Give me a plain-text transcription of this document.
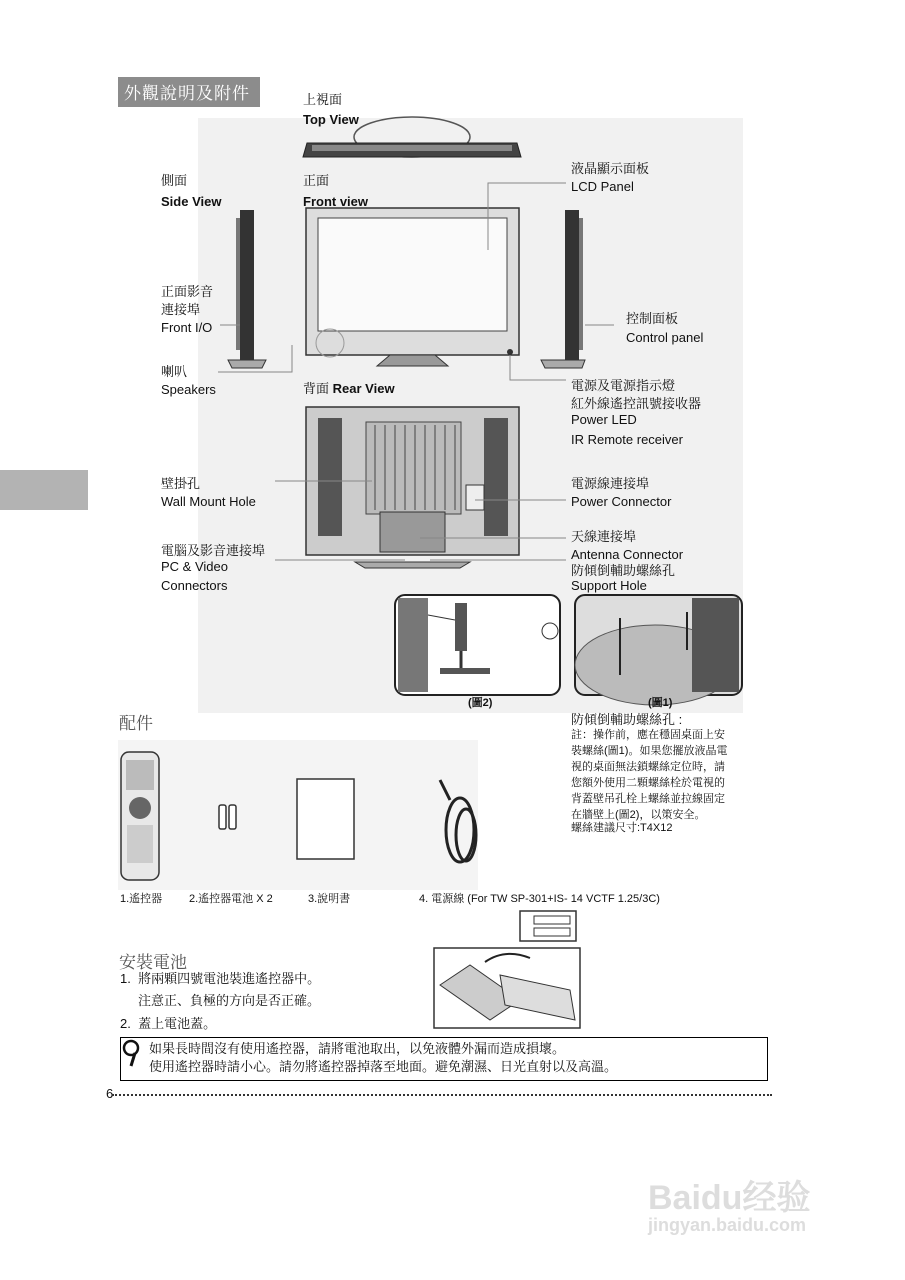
外觀說明及附件	上視面
Top View
側面
Side View
正面
Front view
背面 Rear View
液晶顯示面板
LCD Panel
正面影音
連接埠
Front I/O
控制面板
Control panel
喇叭
Speakers	電源及電源指示燈
紅外線遙控訊號接收器
Power LED
IR Remote receiver
壁掛孔
Wall Mount Hole
電源線連接埠
Power Connector
天線連接埠
Antenna Connector
防傾倒輔助螺絲孔
Support Hole
電腦及影音連接埠
PC & Video
Connectors
(圖2)	(圖1)
配件
1.遙控器 2.遙控器電池 X 2	3.說明書	4. 電源線 (For TW SP-301+IS- 14 VCTF 1.25/3C)
防傾倒輔助螺絲孔 :
註：操作前，應在穩固桌面上安
裝螺絲(圖1)。如果您擺放液晶電
視的桌面無法鎖螺絲定位時，請
您額外使用二顆螺絲栓於電視的
背蓋壁吊孔栓上螺絲並拉線固定
在牆壁上(圖2)，以策安全。
螺絲建議尺寸:T4X12
安裝電池
1.  將兩顆四號電池裝進遙控器中。
注意正、負極的方向是否正確。
2.  蓋上電池蓋。
如果長時間沒有使用遙控器，請將電池取出，以免液體外漏而造成損壞。
使用遙控器時請小心。請勿將遙控器掉落至地面。避免潮濕、日光直射以及高溫。
6
Baidu经验
jingyan.baidu.com
